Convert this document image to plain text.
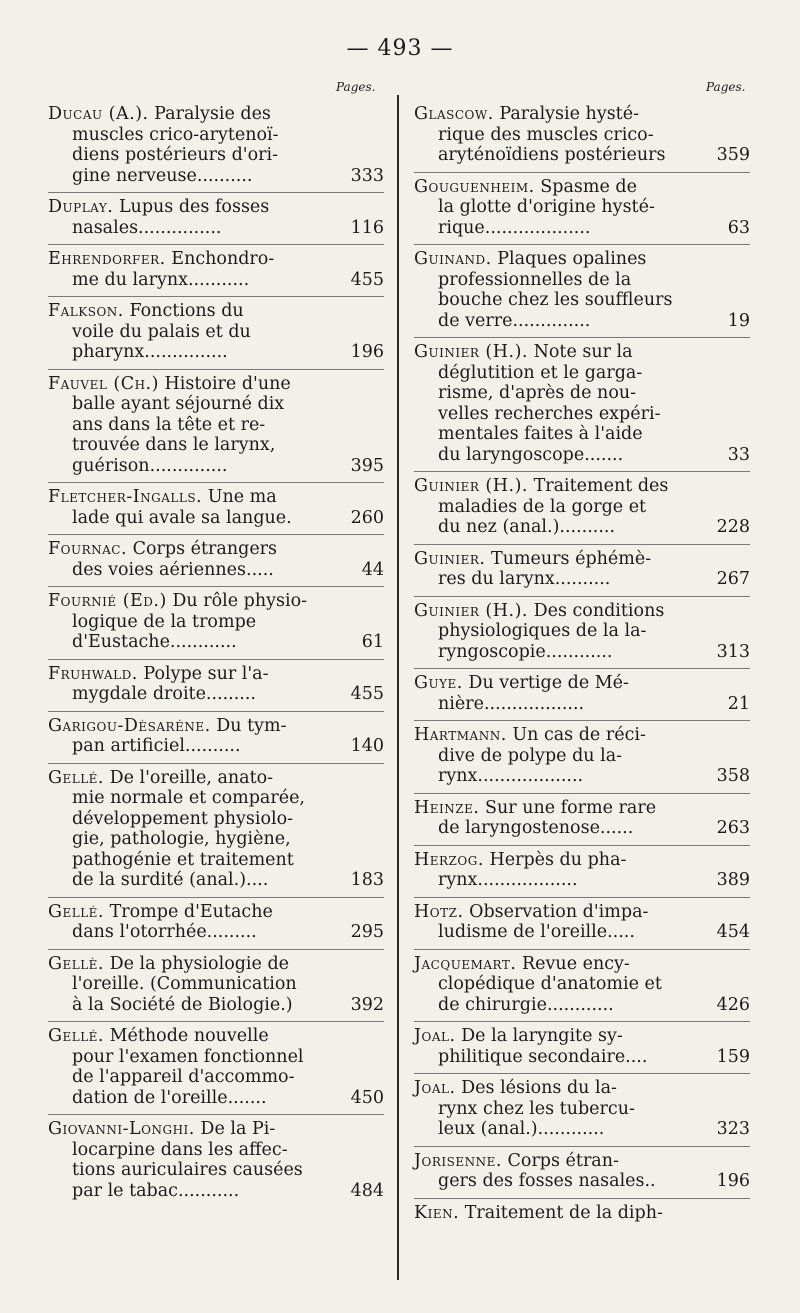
— 493 —
Pages.	Pages.
Ducau (A.). Paralysie des
muscles crico-arytenoï-
diens postérieurs d'ori-
gine nerveuse..........	333
Duplay. Lupus des fosses
nasales...............	116
Ehrendorfer. Enchondro-
me du larynx...........	455
Falkson. Fonctions du
voile du palais et du
pharynx...............	196
Fauvel (Ch.) Histoire d'une
balle ayant séjourné dix
ans dans la tête et re-
trouvée dans le larynx,
guérison..............	395
Fletcher-Ingalls. Une ma
lade qui avale sa langue.	260
Fournac. Corps étrangers
des voies aériennes.....	44
Fournié (Ed.) Du rôle physio-
logique de la trompe
d'Eustache............	61
Fruhwald. Polype sur l'a-
mygdale droite.........	455
Garigou-Dèsaréne. Du tym-
pan artificiel..........	140
Gellé. De l'oreille, anato-
mie normale et comparée,
développement physiolo-
gie, pathologie, hygiène,
pathogénie et traitement
de la surdité (anal.)....	183
Gellé. Trompe d'Eutache
dans l'otorrhée.........	295
Gellè. De la physiologie de
l'oreille. (Communication
à la Société de Biologie.)	392
Gellé. Méthode nouvelle
pour l'examen fonctionnel
de l'appareil d'accommo-
dation de l'oreille.......	450
Giovanni-Longhi. De la Pi-
locarpine dans les affec-
tions auriculaires causées
par le tabac...........	484
Glascow. Paralysie hysté-
rique des muscles crico-
aryténoïdiens postérieurs	359
Gouguenheim. Spasme de
la glotte d'origine hysté-
rique...................	63
Guinand. Plaques opalines
professionnelles de la
bouche chez les souffleurs
de verre..............	19
Guinier (H.). Note sur la
déglutition et le garga-
risme, d'après de nou-
velles recherches expéri-
mentales faites à l'aide
du laryngoscope.......	33
Guinier (H.). Traitement des
maladies de la gorge et
du nez (anal.)..........	228
Guinier. Tumeurs éphémè-
res du larynx..........	267
Guinier (H.). Des conditions
physiologiques de la la-
ryngoscopie............	313
Guye. Du vertige de Mé-
nière..................	21
Hartmann. Un cas de réci-
dive de polype du la-
rynx...................	358
Heinze. Sur une forme rare
de laryngostenose......	263
Herzog. Herpès du pha-
rynx..................	389
Hotz. Observation d'impa-
ludisme de l'oreille.....	454
Jacquemart. Revue ency-
clopédique d'anatomie et
de chirurgie............	426
Joal. De la laryngite sy-
philitique secondaire....	159
Joal. Des lésions du la-
rynx chez les tubercu-
leux (anal.)............	323
Jorisenne. Corps étran-
gers des fosses nasales..	196
Kien. Traitement de la diph-
